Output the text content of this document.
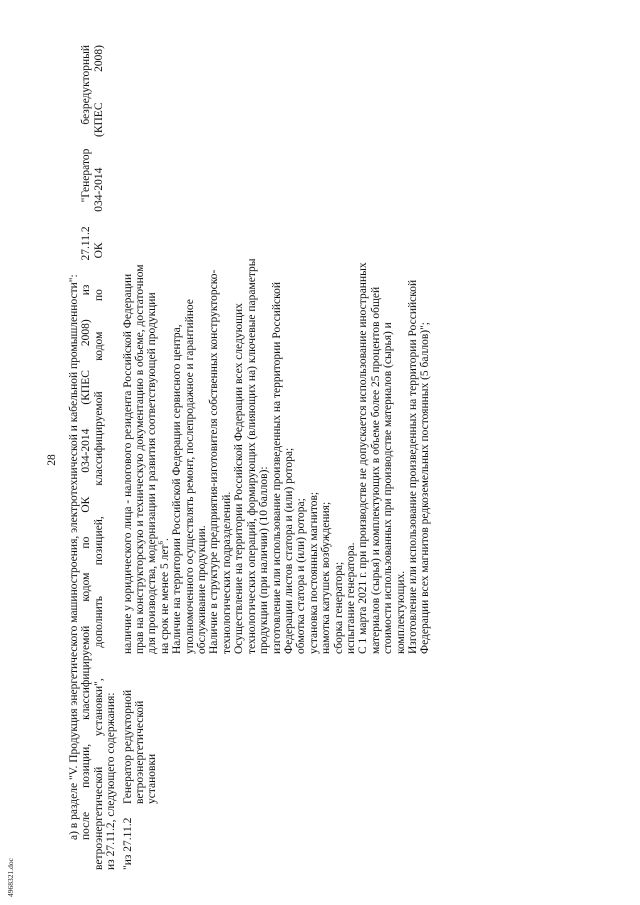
4968321.doc
28 а) в разделе "V. Продукция энергетического машиностроения, электротехнической и кабельной промышленности": после позиции, классифицируемой кодом по ОК 034-2014 (КПЕС 2008) из 27.11.2 "Генератор безредукторный ветроэнергетической установки", дополнить позицией, классифицируемой кодом по ОК 034-2014 (КПЕС 2008) из 27.11.2, следующего содержания: "из 27.11.2
Генератор редукторной ветроэнергетической установки
наличие у юридического лица - налогового резидента Российской Федерации прав на конструкторскую и техническую документацию в объеме, достаточном для производства, модернизации и развития соответствующей продукции на срок не менее 5 лет$^6$. Наличие на территории Российской Федерации сервисного центра, уполномоченного осуществлять ремонт, послепродажное и гарантийное обслуживание продукции. Наличие в структуре предприятия-изготовителя собственных конструкторско- технологических подразделений. Осуществление на территории Российской Федерации всех следующих технологических операций, формирующих (влияющих на) ключевые параметры продукции (при наличии) (10 баллов): изготовление или использование произведенных на территории Российской Федерации листов статора и (или) ротора; обмотка статора и (или) ротора; установка постоянных магнитов; намотка катушек возбуждения; сборка генератора; испытание генератора. С 1 марта 2021 г. при производстве не допускается использование иностранных материалов (сырья) и комплектующих в объеме более 25 процентов общей стоимости использованных при производстве материалов (сырья) и комплектующих. Изготовление или использование произведенных на территории Российской Федерации всех магнитов редкоземельных постоянных (5 баллов)";
